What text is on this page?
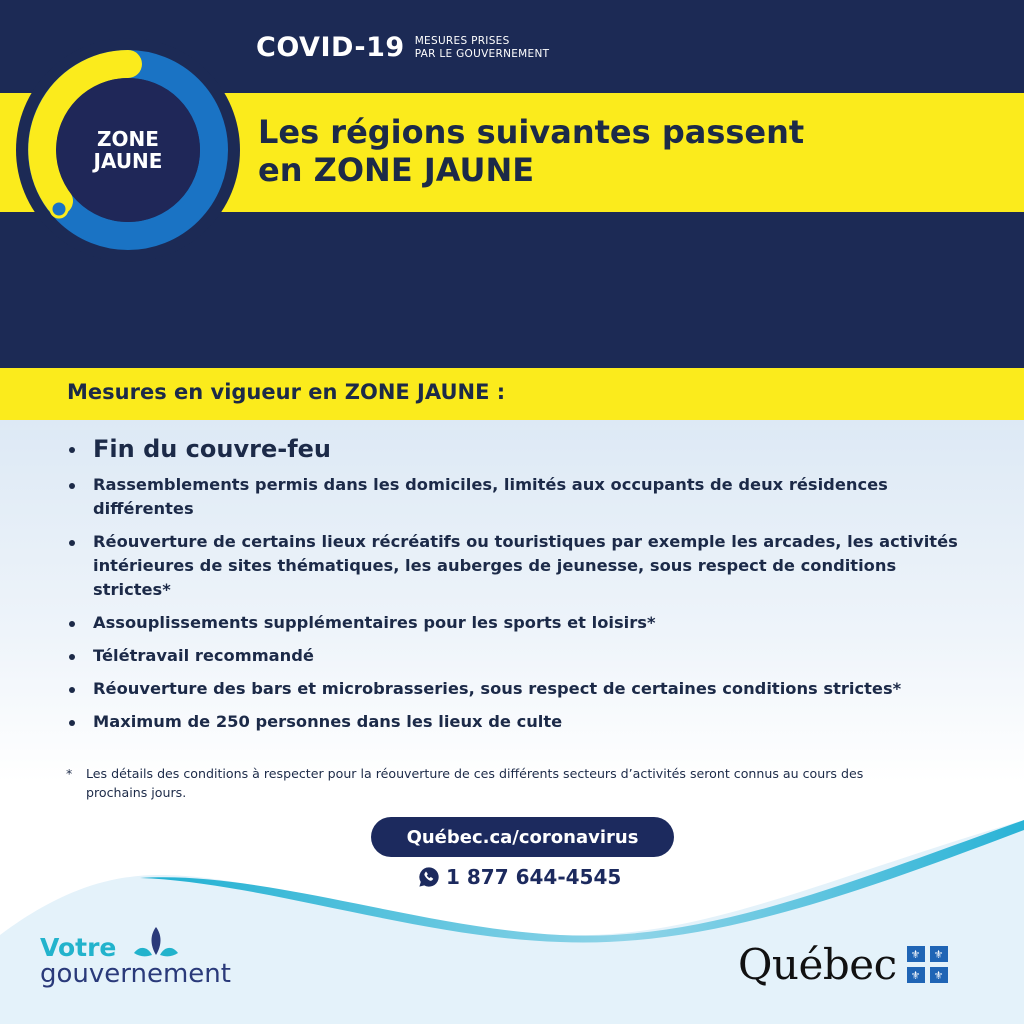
COVID-19 MESURES PRISES
PAR LE GOUVERNEMENT
ZONE
JAUNE
Les régions suivantes passent
en ZONE JAUNE
Mesures en vigueur en ZONE JAUNE :
Fin du couvre-feu
Rassemblements permis dans les domiciles, limités aux occupants de deux résidences différentes
Réouverture de certains lieux récréatifs ou touristiques par exemple les arcades, les activités intérieures de sites thématiques, les auberges de jeunesse, sous respect de conditions strictes*
Assouplissements supplémentaires pour les sports et loisirs*
Télétravail recommandé
Réouverture des bars et microbrasseries, sous respect de certaines conditions strictes*
Maximum de 250 personnes dans les lieux de culte
* Les détails des conditions à respecter pour la réouverture de ces différents secteurs d’activités seront connus au cours des prochains jours.
Québec.ca/coronavirus
1 877 644-4545
Votre
gouvernement	Québec	⚜	⚜
⚜	⚜
